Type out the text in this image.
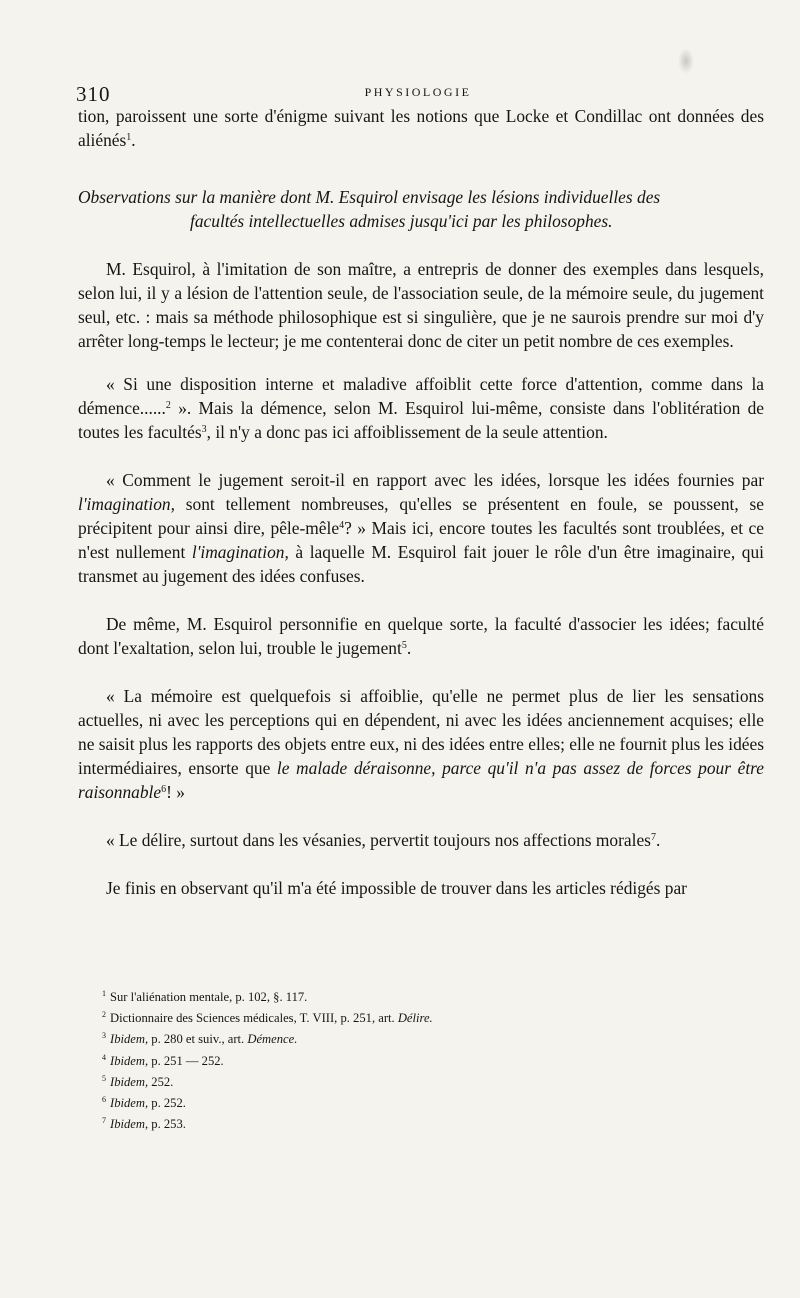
310	PHYSIOLOGIE

tion, paroissent une sorte d'énigme suivant les notions que Locke et Condillac ont données des aliénés$^1$.

Observations sur la manière dont M. Esquirol envisage les lésions individuelles des
facultés intellectuelles admises jusqu'ici par les philosophes.

M. Esquirol, à l'imitation de son maître, a entrepris de donner des exemples dans lesquels, selon lui, il y a lésion de l'attention seule, de l'association seule, de la mémoire seule, du jugement seul, etc. : mais sa méthode philosophique est si singulière, que je ne saurois prendre sur moi d'y arrêter long-temps le lecteur; je me contenterai donc de citer un petit nombre de ces exemples.

« Si une disposition interne et maladive affoiblit cette force d'attention, comme dans la démence......$^2$ ». Mais la démence, selon M. Esquirol lui-même, consiste dans l'oblitération de toutes les facultés$^3$, il n'y a donc pas ici affoiblissement de la seule attention.

« Comment le jugement seroit-il en rapport avec les idées, lorsque les idées fournies par l'imagination, sont tellement nombreuses, qu'elles se présentent en foule, se poussent, se précipitent pour ainsi dire, pêle-mêle$^4$? » Mais ici, encore toutes les facultés sont troublées, et ce n'est nullement l'imagination, à laquelle M. Esquirol fait jouer le rôle d'un être imaginaire, qui transmet au jugement des idées confuses.

De même, M. Esquirol personnifie en quelque sorte, la faculté d'associer les idées; faculté dont l'exaltation, selon lui, trouble le jugement$^5$.

« La mémoire est quelquefois si affoiblie, qu'elle ne permet plus de lier les sensations actuelles, ni avec les perceptions qui en dépendent, ni avec les idées anciennement acquises; elle ne saisit plus les rapports des objets entre eux, ni des idées entre elles; elle ne fournit plus les idées intermédiaires, ensorte que le malade déraisonne, parce qu'il n'a pas assez de forces pour être raisonnable$^6$! »

« Le délire, surtout dans les vésanies, pervertit toujours nos affections morales$^7$.

Je finis en observant qu'il m'a été impossible de trouver dans les articles rédigés par

$^1$ Sur l'aliénation mentale, p. 102, §. 117.
$^2$ Dictionnaire des Sciences médicales, T. VIII, p. 251, art. Délire.
$^3$ Ibidem, p. 280 et suiv., art. Démence.
$^4$ Ibidem, p. 251 — 252.
$^5$ Ibidem, 252.
$^6$ Ibidem, p. 252.
$^7$ Ibidem, p. 253.
